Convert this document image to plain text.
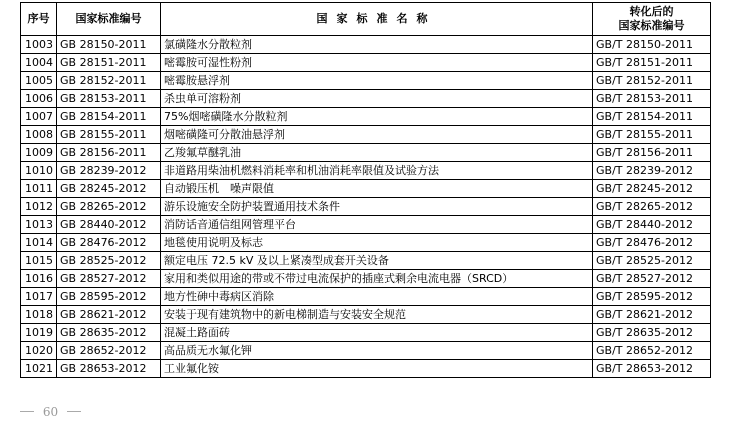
序号	国家标准编号	国家标准名称	转化后的
国家标准编号
1003	GB 28150-2011	氯磺隆水分散粒剂	GB/T 28150-2011
1004	GB 28151-2011	嘧霉胺可湿性粉剂	GB/T 28151-2011
1005	GB 28152-2011	嘧霉胺悬浮剂	GB/T 28152-2011
1006	GB 28153-2011	杀虫单可溶粉剂	GB/T 28153-2011
1007	GB 28154-2011	75%烟嘧磺隆水分散粒剂	GB/T 28154-2011
1008	GB 28155-2011	烟嘧磺隆可分散油悬浮剂	GB/T 28155-2011
1009	GB 28156-2011	乙羧氟草醚乳油	GB/T 28156-2011
1010	GB 28239-2012	非道路用柴油机燃料消耗率和机油消耗率限值及试验方法	GB/T 28239-2012
1011	GB 28245-2012	自动锻压机　噪声限值	GB/T 28245-2012
1012	GB 28265-2012	游乐设施安全防护装置通用技术条件	GB/T 28265-2012
1013	GB 28440-2012	消防话音通信组网管理平台	GB/T 28440-2012
1014	GB 28476-2012	地毯使用说明及标志	GB/T 28476-2012
1015	GB 28525-2012	额定电压 72.5 kV 及以上紧凑型成套开关设备	GB/T 28525-2012
1016	GB 28527-2012	家用和类似用途的带或不带过电流保护的插座式剩余电流电器（SRCD）	GB/T 28527-2012
1017	GB 28595-2012	地方性砷中毒病区消除	GB/T 28595-2012
1018	GB 28621-2012	安装于现有建筑物中的新电梯制造与安装安全规范	GB/T 28621-2012
1019	GB 28635-2012	混凝土路面砖	GB/T 28635-2012
1020	GB 28652-2012	高品质无水氟化钾	GB/T 28652-2012
1021	GB 28653-2012	工业氟化铵	GB/T 28653-2012
60
